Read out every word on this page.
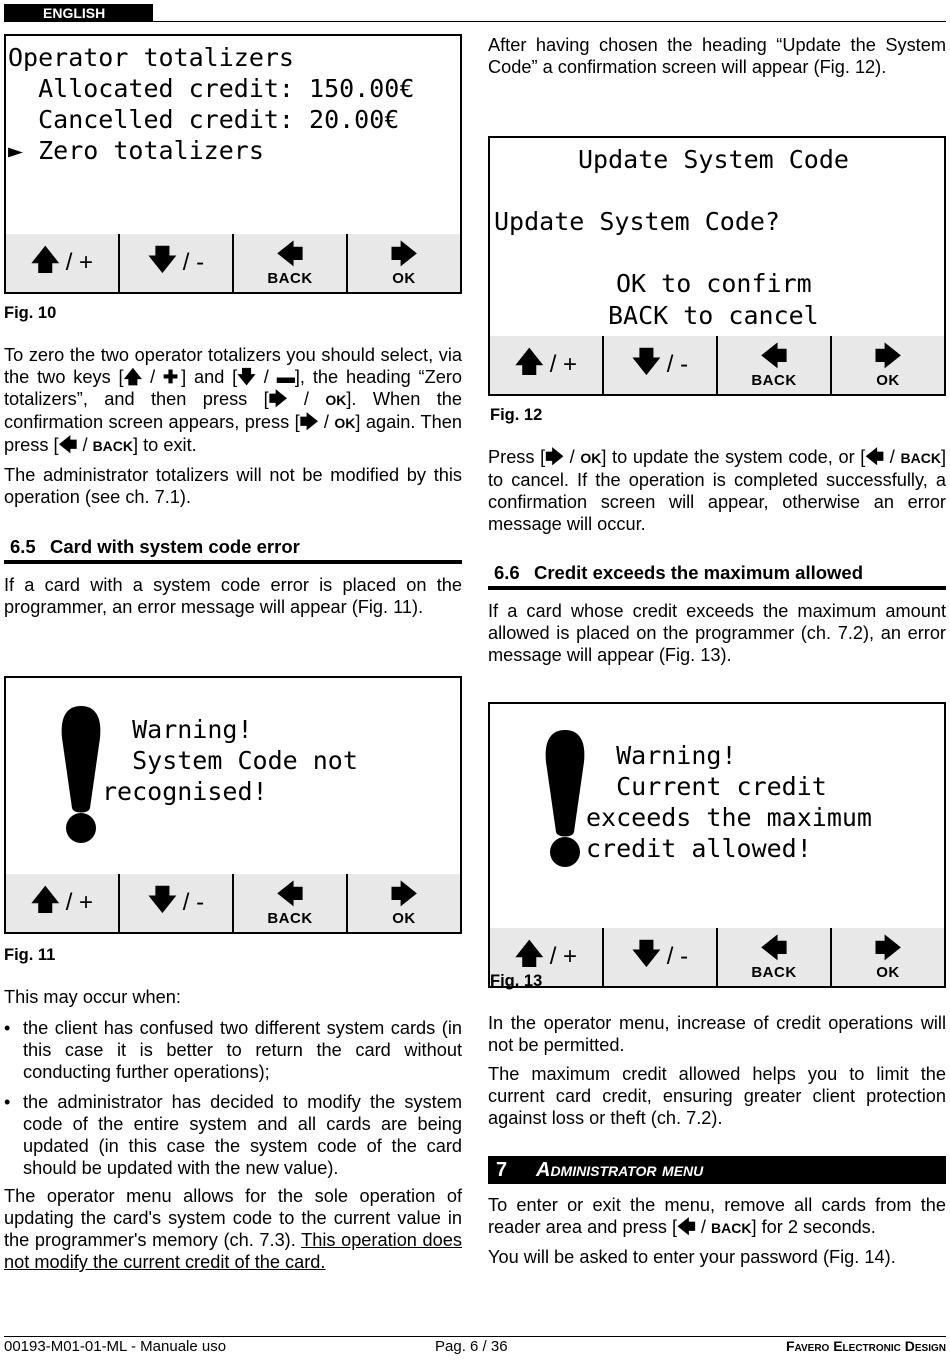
ENGLISH
Operator totalizers
Allocated credit: 150.00€
Cancelled credit: 20.00€
► Zero totalizers
🡅 / + 🡇 / -	🡄
BACK
🡆
OK
Fig. 10

To zero the two operator totalizers you should select, via the two keys [🡅 / ✚] and [🡇 / ▬], the heading “Zero totalizers”, and then press [🡆 / OK]. When the confirmation screen appears, press [🡆 / OK] again. Then press [🡄 / BACK] to exit.

The administrator totalizers will not be modified by this operation (see ch. 7.1).

6.5 Card with system code error

If a card with a system code error is placed on the programmer, an error message will appear (Fig. 11).

Warning!
System Code not
recognised!
🡅 / + 🡇 / -	🡄
BACK
🡆
OK
Fig. 11

This may occur when:

• the client has confused two different system cards (in this case it is better to return the card without conducting further operations);
• the administrator has decided to modify the system code of the entire system and all cards are being updated (in this case the system code of the card should be updated with the new value).

The operator menu allows for the sole operation of updating the card's system code to the current value in the programmer's memory (ch. 7.3). This operation does not modify the current credit of the card.

After having chosen the heading “Update the System Code” a confirmation screen will appear (Fig. 12).

Update System Code
Update System Code?
OK to confirm
BACK to cancel
🡅 / + 🡇 / -	🡄
BACK
🡆
OK
Fig. 12

Press [🡆 / OK] to update the system code, or [🡄 / BACK] to cancel. If the operation is completed successfully, a confirmation screen will appear, otherwise an error message will occur.

6.6 Credit exceeds the maximum allowed

If a card whose credit exceeds the maximum amount allowed is placed on the programmer (ch. 7.2), an error message will appear (Fig. 13).

Warning!
Current credit
exceeds the maximum
credit allowed!
🡅 / + 🡇 / -	🡄
BACK
🡆
OK
Fig. 13

In the operator menu, increase of credit operations will not be permitted.

The maximum credit allowed helps you to limit the current card credit, ensuring greater client protection against loss or theft (ch. 7.2).

7 Administrator menu

To enter or exit the menu, remove all cards from the reader area and press [🡄 / BACK] for 2 seconds.

You will be asked to enter your password (Fig. 14).

00193-M01-01-ML - Manuale uso	Pag. 6 / 36	Favero Electronic Design
